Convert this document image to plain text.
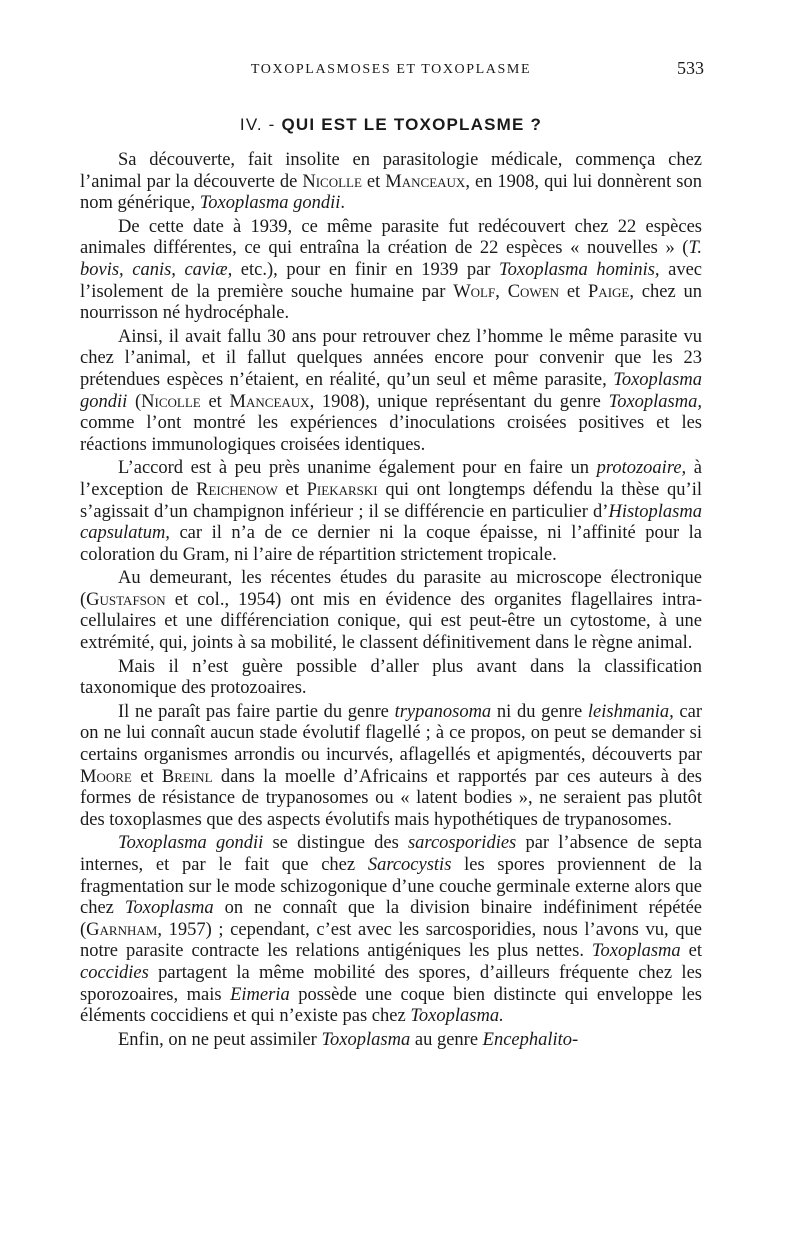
TOXOPLASMOSES ET TOXOPLASME	533
IV. - QUI EST LE TOXOPLASME ?

Sa découverte, fait insolite en parasitologie médicale, commença chez l’animal par la découverte de Nicolle et Manceaux, en 1908, qui lui donnèrent son nom générique, Toxoplasma gondii.

De cette date à 1939, ce même parasite fut redécouvert chez 22 espèces animales différentes, ce qui entraîna la création de 22 espèces « nouvelles » (T. bovis, canis, caviæ, etc.), pour en finir en 1939 par Toxoplasma hominis, avec l’isolement de la première souche humaine par Wolf, Cowen et Paige, chez un nourrisson né hydrocéphale.

Ainsi, il avait fallu 30 ans pour retrouver chez l’homme le même parasite vu chez l’animal, et il fallut quelques années encore pour convenir que les 23 prétendues espèces n’étaient, en réalité, qu’un seul et même parasite, Toxoplasma gondii (Nicolle et Manceaux, 1908), unique représentant du genre Toxoplasma, comme l’ont montré les expériences d’inoculations croisées positives et les réactions immunologiques croisées identiques.

L’accord est à peu près unanime également pour en faire un protozoaire, à l’exception de Reichenow et Piekarski qui ont longtemps défendu la thèse qu’il s’agissait d’un champignon inférieur ; il se différencie en particulier d’Histoplasma capsulatum, car il n’a de ce dernier ni la coque épaisse, ni l’affinité pour la coloration du Gram, ni l’aire de répartition strictement tropicale.

Au demeurant, les récentes études du parasite au microscope électronique (Gustafson et col., 1954) ont mis en évidence des organites flagellaires intra-cellulaires et une différenciation conique, qui est peut-être un cytostome, à une extrémité, qui, joints à sa mobilité, le classent définitivement dans le règne animal.

Mais il n’est guère possible d’aller plus avant dans la classification taxonomique des protozoaires.

Il ne paraît pas faire partie du genre trypanosoma ni du genre leishmania, car on ne lui connaît aucun stade évolutif flagellé ; à ce propos, on peut se demander si certains organismes arrondis ou incurvés, aflagellés et apigmentés, découverts par Moore et Breinl dans la moelle d’Africains et rapportés par ces auteurs à des formes de résistance de trypanosomes ou « latent bodies », ne seraient pas plutôt des toxoplasmes que des aspects évolutifs mais hypothétiques de trypanosomes.

Toxoplasma gondii se distingue des sarcosporidies par l’absence de septa internes, et par le fait que chez Sarcocystis les spores proviennent de la fragmentation sur le mode schizogonique d’une couche germinale externe alors que chez Toxoplasma on ne connaît que la division binaire indéfiniment répétée (Garnham, 1957) ; cependant, c’est avec les sarcosporidies, nous l’avons vu, que notre parasite contracte les relations antigéniques les plus nettes. Toxoplasma et coccidies partagent la même mobilité des spores, d’ailleurs fréquente chez les sporozoaires, mais Eimeria possède une coque bien distincte qui enveloppe les éléments coccidiens et qui n’existe pas chez Toxoplasma.

Enfin, on ne peut assimiler Toxoplasma au genre Encephalito-
